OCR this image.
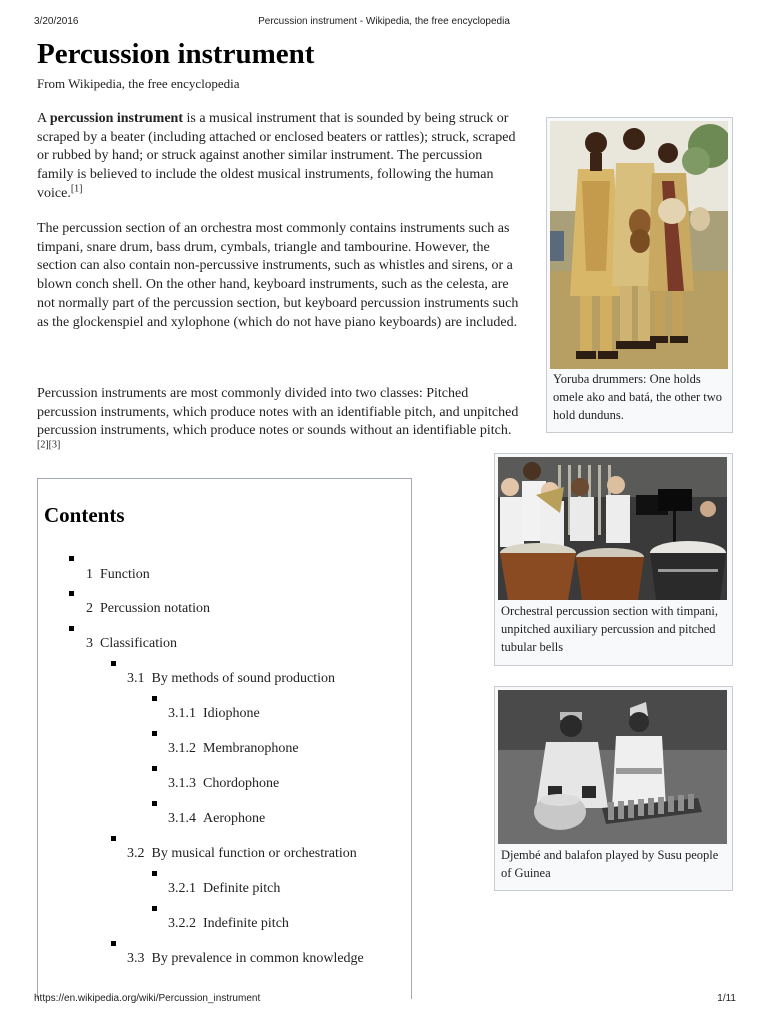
3/20/2016	Percussion instrument - Wikipedia, the free encyclopedia
Percussion instrument
From Wikipedia, the free encyclopedia

A percussion instrument is a musical instrument that is sounded by being struck or scraped by a beater (including attached or enclosed beaters or rattles); struck, scraped or rubbed by hand; or struck against another similar instrument. The percussion family is believed to include the oldest musical instruments, following the human voice.[1]

The percussion section of an orchestra most commonly contains instruments such as timpani, snare drum, bass drum, cymbals, triangle and tambourine. However, the section can also contain non-percussive instruments, such as whistles and sirens, or a blown conch shell. On the other hand, keyboard instruments, such as the celesta, are not normally part of the percussion section, but keyboard percussion instruments such as the glockenspiel and xylophone (which do not have piano keyboards) are included.

Percussion instruments are most commonly divided into two classes: Pitched percussion instruments, which produce notes with an identifiable pitch, and unpitched percussion instruments, which produce notes or sounds without an identifiable pitch.[2][3]

Contents
1 Function
2 Percussion notation
3 Classification
3.1 By methods of sound production
3.1.1 Idiophone
3.1.2 Membranophone
3.1.3 Chordophone
3.1.4 Aerophone
3.2 By musical function or orchestration
3.2.1 Definite pitch
3.2.2 Indefinite pitch
3.3 By prevalence in common knowledge
Yoruba drummers: One holds omele ako and batá, the other two hold dunduns.
Orchestral percussion section with timpani, unpitched auxiliary percussion and pitched tubular bells
Djembé and balafon played by Susu people of Guinea
https://en.wikipedia.org/wiki/Percussion_instrument	1/11
